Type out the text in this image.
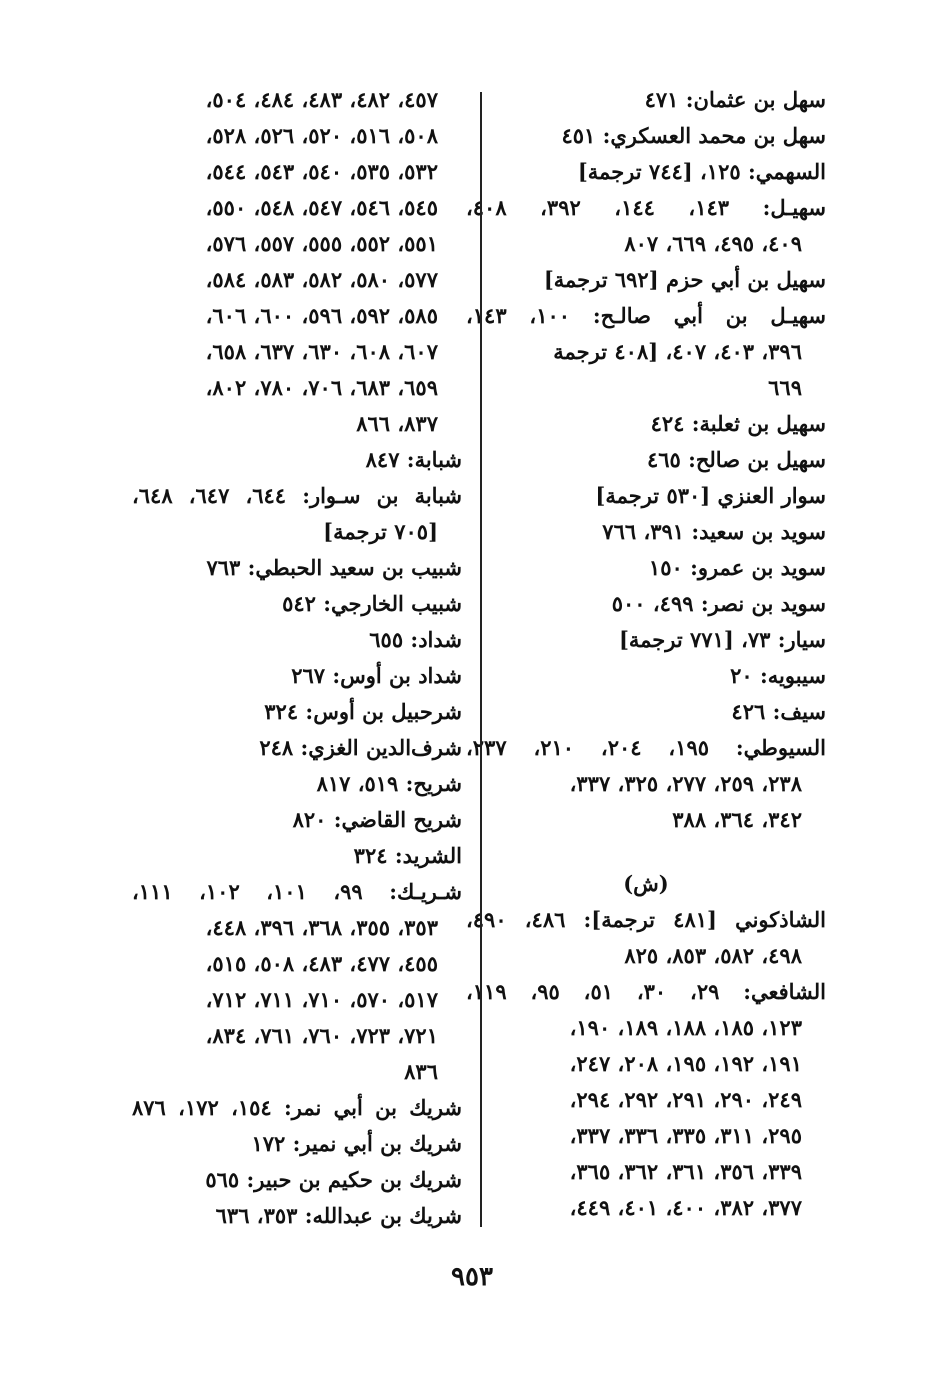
سهل بن عثمان: ٤٧١
سهل بن محمد العسكري: ٤٥١
السهمي: ١٢٥، [٧٤٤ ترجمة]
سهيـل: ١٤٣، ١٤٤، ٣٩٢، ٤٠٨،
٤٠٩، ٤٩٥، ٦٦٩، ٨٠٧
سهيل بن أبي حزم [٦٩٢ ترجمة]
سهيـل بن أبي صالـح: ١٠٠، ١٤٣،
٣٩٦، ٤٠٣، ٤٠٧، [٤٠٨ ترجمة
٦٦٩
سهيل بن ثعلبة: ٤٢٤
سهيل بن صالح: ٤٦٥
سوار العنزي [٥٣٠ ترجمة]
سويد بن سعيد: ٣٩١، ٧٦٦
سويد بن عمرو: ١٥٠
سويد بن نصر: ٤٩٩، ٥٠٠
سيار: ٧٣، [٧٧١ ترجمة]
سيبويه: ٢٠
سيف: ٤٢٦
السيوطي: ١٩٥، ٢٠٤، ٢١٠، ٢٣٧،
٢٣٨، ٢٥٩، ٢٧٧، ٣٢٥، ٣٣٧،
٣٤٢، ٣٦٤، ٣٨٨
(ش)
الشاذكوني [٤٨١ ترجمة]: ٤٨٦، ٤٩٠،
٤٩٨، ٥٨٢، ٨٥٣، ٨٢٥
الشافعي: ٢٩، ٣٠، ٥١، ٩٥، ١١٩،
١٢٣، ١٨٥، ١٨٨، ١٨٩، ١٩٠،
١٩١، ١٩٢، ١٩٥، ٢٠٨، ٢٤٧،
٢٤٩، ٢٩٠، ٢٩١، ٢٩٢، ٢٩٤،
٢٩٥، ٣١١، ٣٣٥، ٣٣٦، ٣٣٧،
٣٣٩، ٣٥٦، ٣٦١، ٣٦٢، ٣٦٥،
٣٧٧، ٣٨٢، ٤٠٠، ٤٠١، ٤٤٩،
٤٥٧، ٤٨٢، ٤٨٣، ٤٨٤، ٥٠٤،
٥٠٨، ٥١٦، ٥٢٠، ٥٢٦، ٥٢٨،
٥٣٢، ٥٣٥، ٥٤٠، ٥٤٣، ٥٤٤،
٥٤٥، ٥٤٦، ٥٤٧، ٥٤٨، ٥٥٠،
٥٥١، ٥٥٢، ٥٥٥، ٥٥٧، ٥٧٦،
٥٧٧، ٥٨٠، ٥٨٢، ٥٨٣، ٥٨٤،
٥٨٥، ٥٩٢، ٥٩٦، ٦٠٠، ٦٠٦،
٦٠٧، ٦٠٨، ٦٣٠، ٦٣٧، ٦٥٨،
٦٥٩، ٦٨٣، ٧٠٦، ٧٨٠، ٨٠٢،
٨٣٧، ٨٦٦
شبابة: ٨٤٧
شبابة بن سـوار: ٦٤٤، ٦٤٧، ٦٤٨،
[٧٠٥ ترجمة]
شبيب بن سعيد الحبطي: ٧٦٣
شبيب الخارجي: ٥٤٢
شداد: ٦٥٥
شداد بن أوس: ٢٦٧
شرحبيل بن أوس: ٣٢٤
شرف‌الدين الغزي: ٢٤٨
شريح: ٥١٩، ٨١٧
شريح القاضي: ٨٢٠
الشريد: ٣٢٤
شـريـك: ٩٩، ١٠١، ١٠٢، ١١١،
٣٥٣، ٣٥٥، ٣٦٨، ٣٩٦، ٤٤٨،
٤٥٥، ٤٧٧، ٤٨٣، ٥٠٨، ٥١٥،
٥١٧، ٥٧٠، ٧١٠، ٧١١، ٧١٢،
٧٢١، ٧٢٣، ٧٦٠، ٧٦١، ٨٣٤،
٨٣٦
شريك بن أبي نمر: ١٥٤، ١٧٢، ٨٧٦
شريك بن أبي نمير: ١٧٢
شريك بن حكيم بن حبير: ٥٦٥
شريك بن عبدالله: ٣٥٣، ٦٣٦
٩٥٣
